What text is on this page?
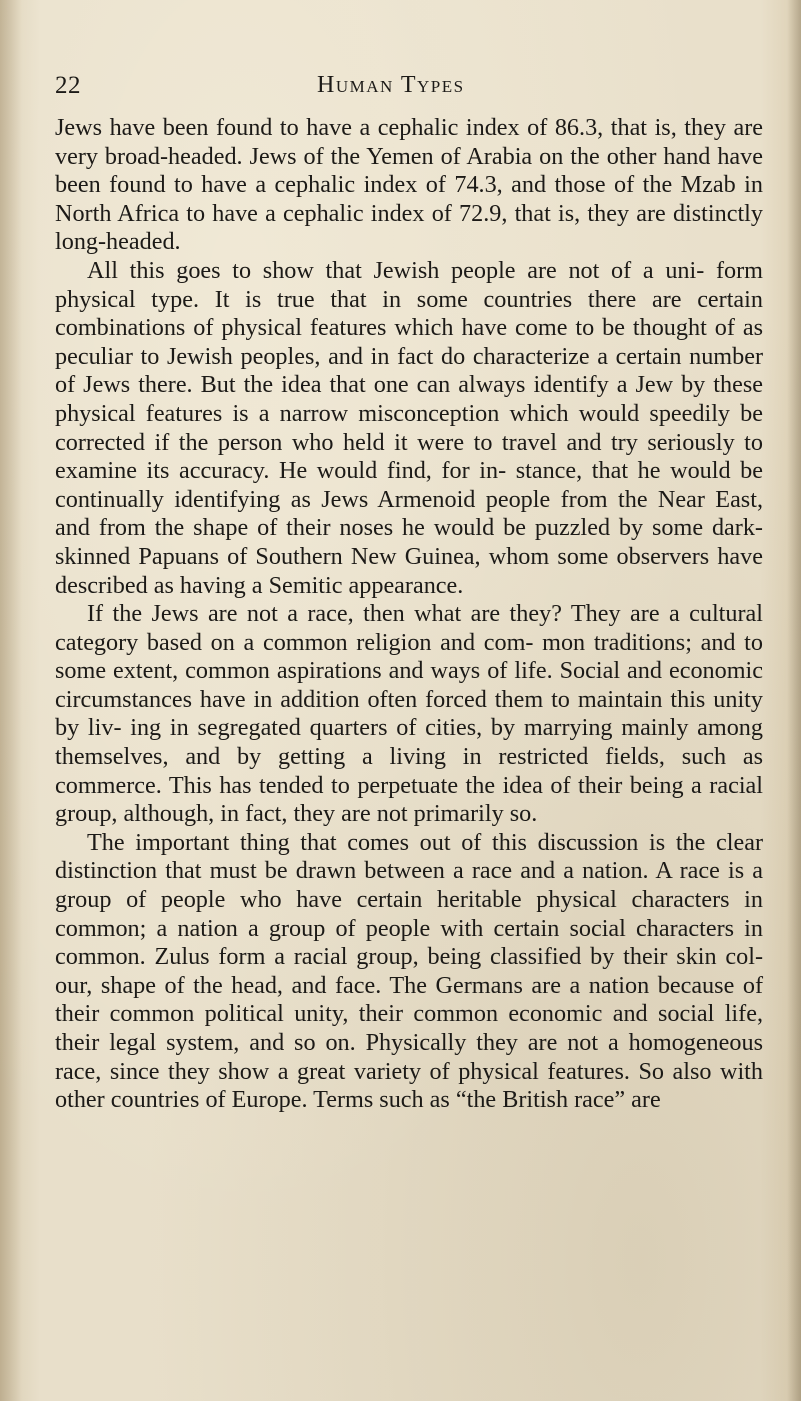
22	Human Types

Jews have been found to have a cephalic index of 86.3, that is, they are very broad-headed. Jews of the Yemen of Arabia on the other hand have been found to have a cephalic index of 74.3, and those of the Mzab in North Africa to have a cephalic index of 72.9, that is, they are distinctly long-headed.

All this goes to show that Jewish people are not of a uni- form physical type. It is true that in some countries there are certain combinations of physical features which have come to be thought of as peculiar to Jewish peoples, and in fact do characterize a certain number of Jews there. But the idea that one can always identify a Jew by these physical features is a narrow misconception which would speedily be corrected if the person who held it were to travel and try seriously to examine its accuracy. He would find, for in- stance, that he would be continually identifying as Jews Armenoid people from the Near East, and from the shape of their noses he would be puzzled by some dark-skinned Papuans of Southern New Guinea, whom some observers have described as having a Semitic appearance.

If the Jews are not a race, then what are they? They are a cultural category based on a common religion and com- mon traditions; and to some extent, common aspirations and ways of life. Social and economic circumstances have in addition often forced them to maintain this unity by liv- ing in segregated quarters of cities, by marrying mainly among themselves, and by getting a living in restricted fields, such as commerce. This has tended to perpetuate the idea of their being a racial group, although, in fact, they are not primarily so.

The important thing that comes out of this discussion is the clear distinction that must be drawn between a race and a nation. A race is a group of people who have certain heritable physical characters in common; a nation a group of people with certain social characters in common. Zulus form a racial group, being classified by their skin col- our, shape of the head, and face. The Germans are a nation because of their common political unity, their common economic and social life, their legal system, and so on. Physically they are not a homogeneous race, since they show a great variety of physical features. So also with other countries of Europe. Terms such as “the British race” are
